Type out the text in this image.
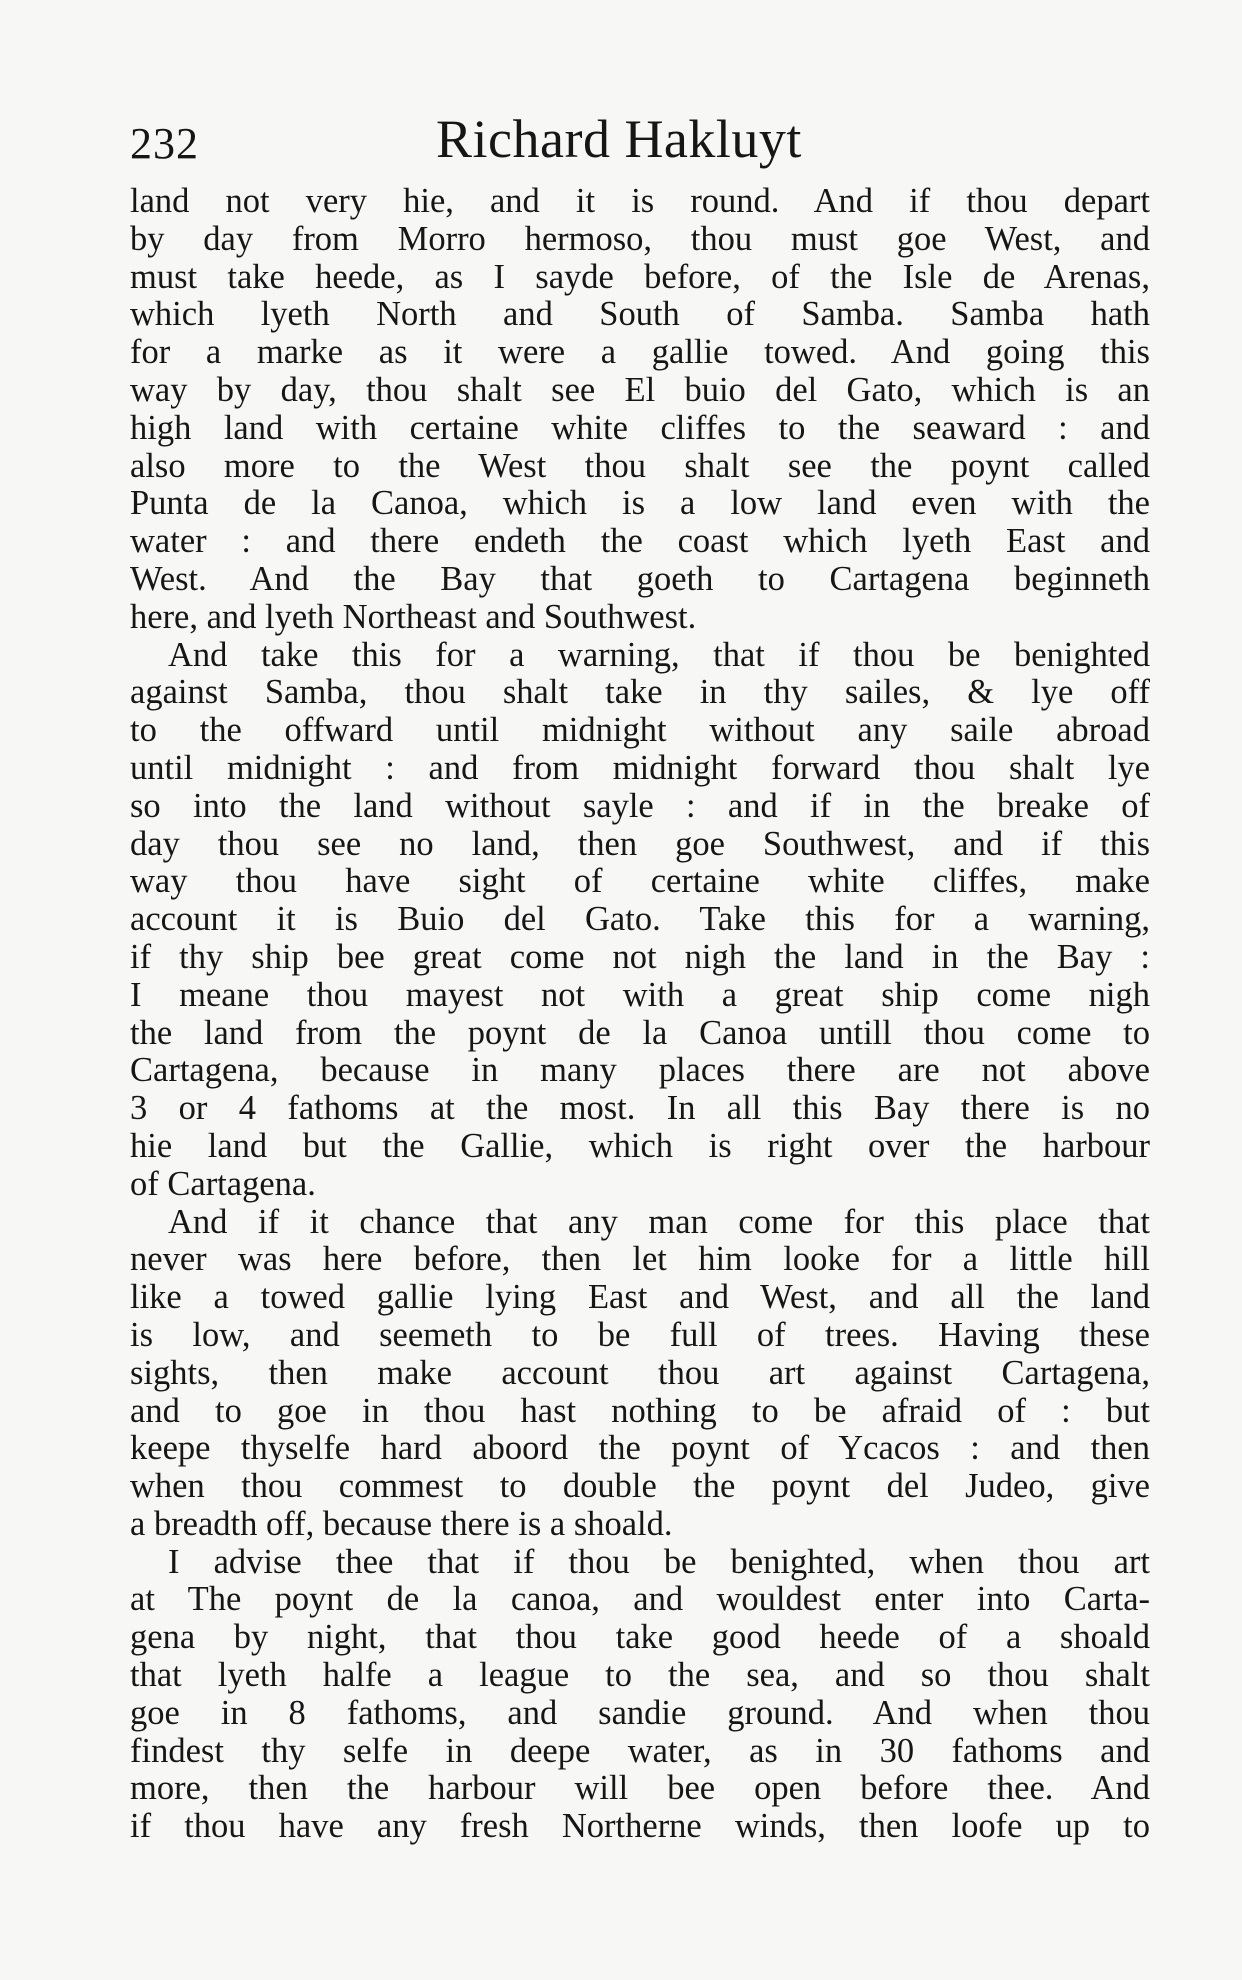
232	Richard Hakluyt
land not very hie, and it is round. And if thou depart
by day from Morro hermoso, thou must goe West, and
must take heede, as I sayde before, of the Isle de Arenas,
which lyeth North and South of Samba. Samba hath
for a marke as it were a gallie towed. And going this
way by day, thou shalt see El buio del Gato, which is an
high land with certaine white cliffes to the seaward : and
also more to the West thou shalt see the poynt called
Punta de la Canoa, which is a low land even with the
water : and there endeth the coast which lyeth East and
West. And the Bay that goeth to Cartagena beginneth
here, and lyeth Northeast and Southwest.
And take this for a warning, that if thou be benighted
against Samba, thou shalt take in thy sailes, & lye off
to the offward until midnight without any saile abroad
until midnight : and from midnight forward thou shalt lye
so into the land without sayle : and if in the breake of
day thou see no land, then goe Southwest, and if this
way thou have sight of certaine white cliffes, make
account it is Buio del Gato. Take this for a warning,
if thy ship bee great come not nigh the land in the Bay :
I meane thou mayest not with a great ship come nigh
the land from the poynt de la Canoa untill thou come to
Cartagena, because in many places there are not above
3 or 4 fathoms at the most. In all this Bay there is no
hie land but the Gallie, which is right over the harbour
of Cartagena.
And if it chance that any man come for this place that
never was here before, then let him looke for a little hill
like a towed gallie lying East and West, and all the land
is low, and seemeth to be full of trees. Having these
sights, then make account thou art against Cartagena,
and to goe in thou hast nothing to be afraid of : but
keepe thyselfe hard aboord the poynt of Ycacos : and then
when thou commest to double the poynt del Judeo, give
a breadth off, because there is a shoald.
I advise thee that if thou be benighted, when thou art
at The poynt de la canoa, and wouldest enter into Carta-
gena by night, that thou take good heede of a shoald
that lyeth halfe a league to the sea, and so thou shalt
goe in 8 fathoms, and sandie ground. And when thou
findest thy selfe in deepe water, as in 30 fathoms and
more, then the harbour will bee open before thee. And
if thou have any fresh Northerne winds, then loofe up to
